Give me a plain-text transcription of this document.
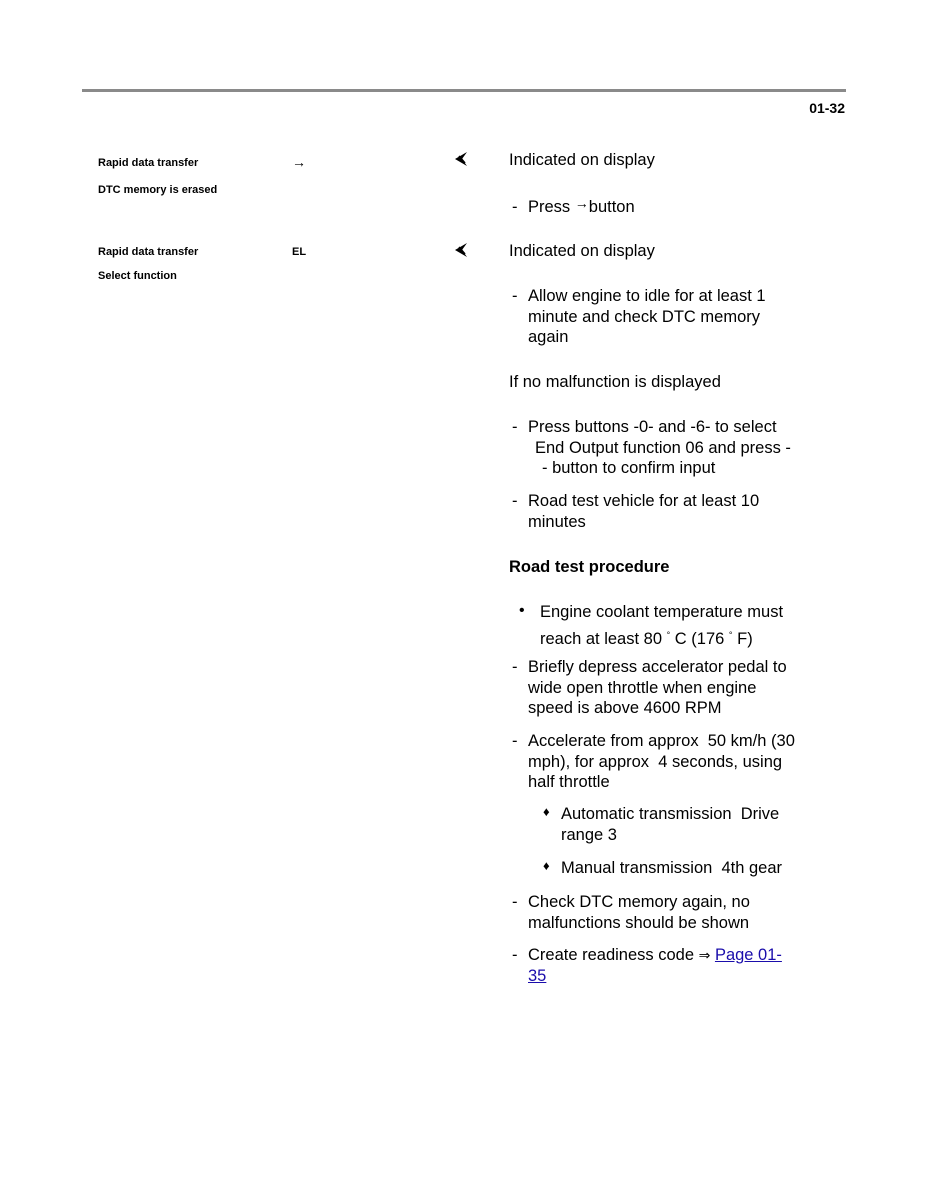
01-32
Rapid data transfer	→
DTC memory is erased
Indicated on display
- Press →button
Rapid data transfer	EL
Select function
Indicated on display
- Allow engine to idle for at least 1
minute and check DTC memory
again
If no malfunction is displayed
- Press buttons -0- and -6- to select
End Output function 06 and press -
- button to confirm input
- Road test vehicle for at least 10
minutes
Road test procedure
• Engine coolant temperature must
reach at least 80 ° C (176 ° F)
- Briefly depress accelerator pedal to
wide open throttle when engine
speed is above 4600 RPM
- Accelerate from approx  50 km/h (30
mph), for approx  4 seconds, using
half throttle
♦ Automatic transmission  Drive
range 3
♦ Manual transmission  4th gear
- Check DTC memory again, no
malfunctions should be shown
- Create readiness code ⇒ Page 01-
35
